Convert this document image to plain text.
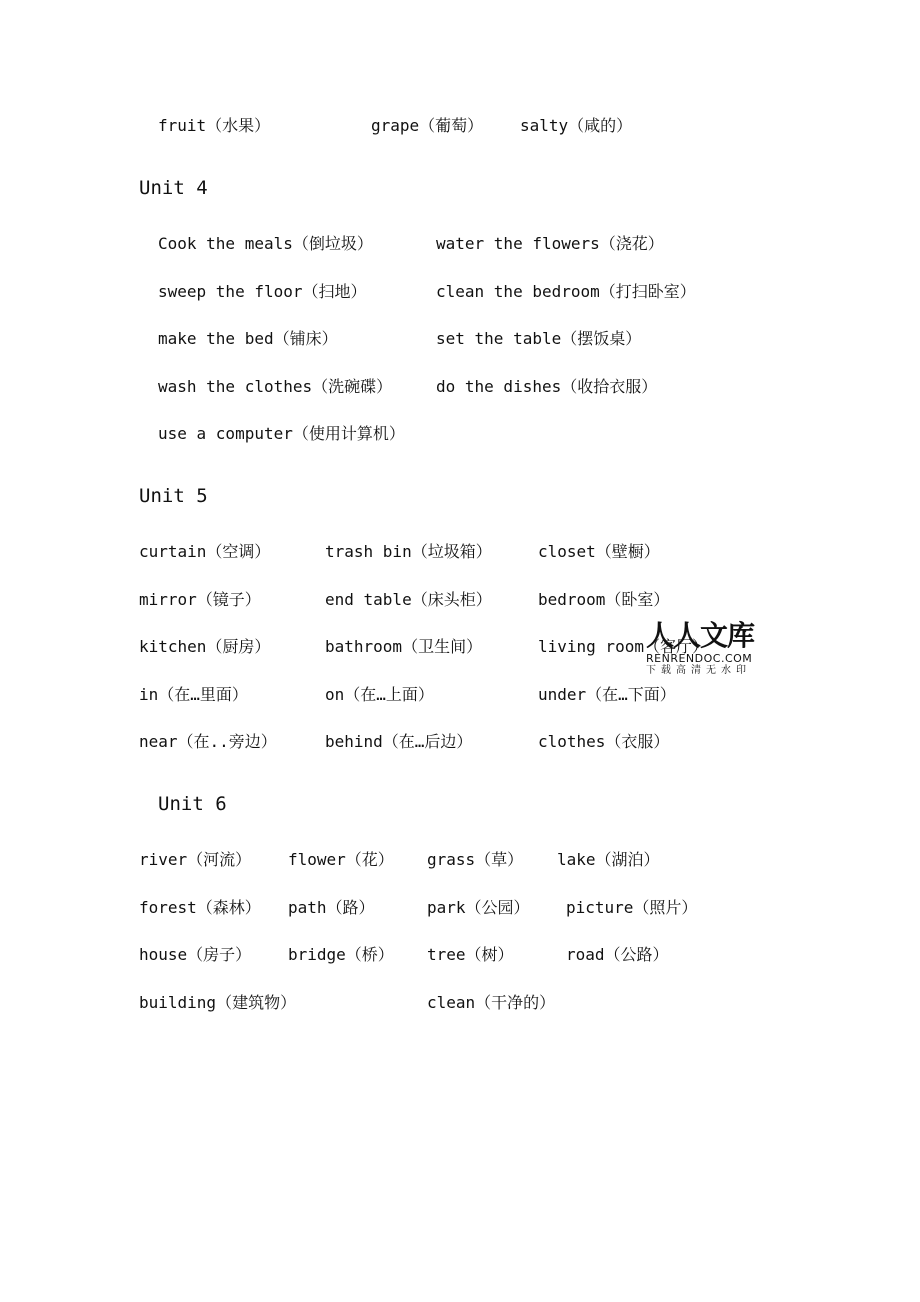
fruit（水果）	grape（葡萄） salty（咸的）
Unit 4
Cook the meals（倒垃圾）	water the flowers（浇花）
sweep the floor（扫地）	clean the bedroom（打扫卧室）
make the bed（铺床）	set the table（摆饭桌）
wash the clothes（洗碗碟）	do the dishes（收拾衣服）
use a computer（使用计算机）
Unit 5
curtain（空调）	trash bin（垃圾箱）	closet（壁橱）
mirror（镜子）	end table（床头柜）	bedroom（卧室）
kitchen（厨房）	bathroom（卫生间）	living room（客厅）
in（在…里面）	on（在…上面）	under（在…下面）
near（在..旁边）	behind（在…后边）	clothes（衣服）
人人文库
RENRENDOC.COM
下载高清无水印
Unit 6
river（河流） flower（花） grass（草） lake（湖泊）
forest（森林） path（路）	park（公园） picture（照片）
house（房子） bridge（桥） tree（树）	road（公路）
building（建筑物）	clean（干净的）
